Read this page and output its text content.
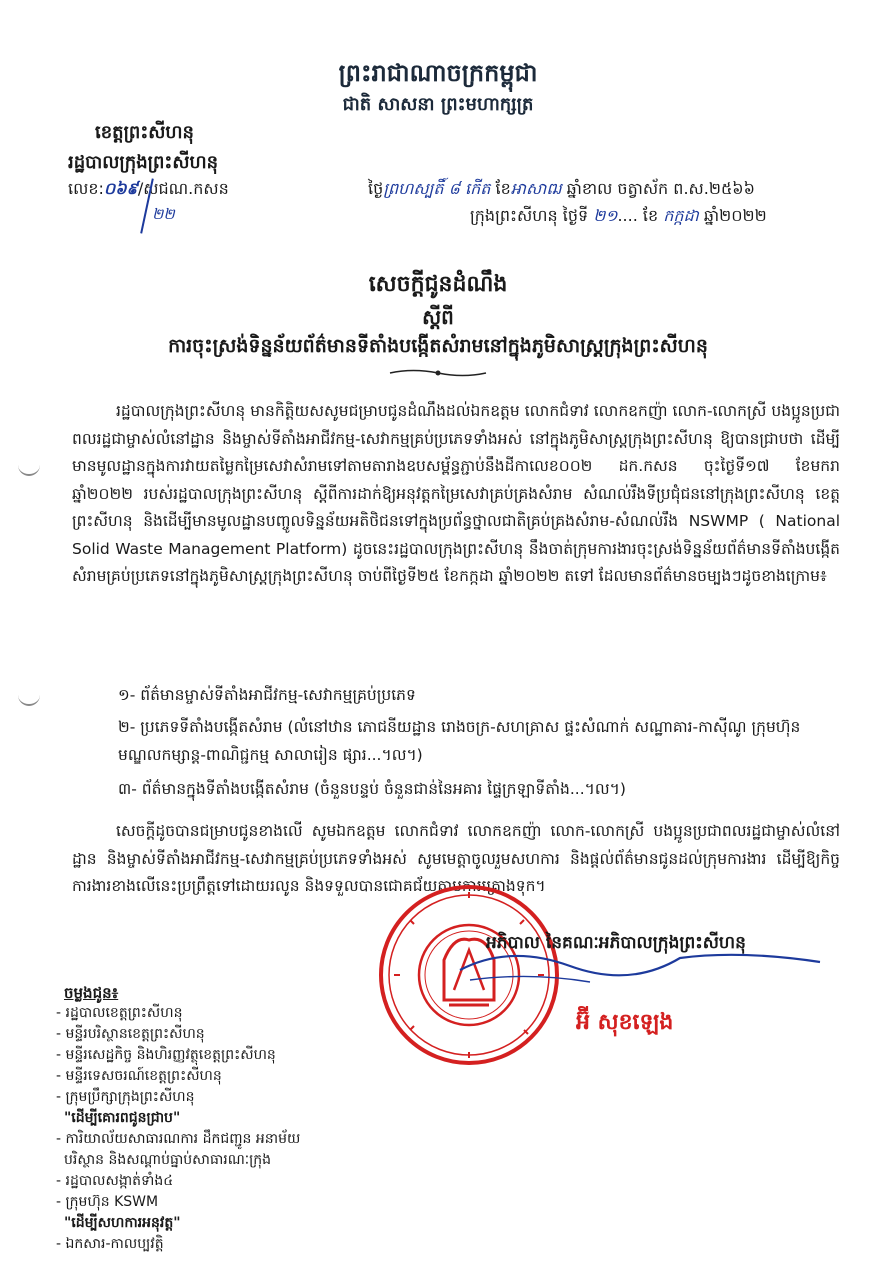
ព្រះរាជាណាចក្រកម្ពុជា
ជាតិ សាសនា ព្រះមហាក្សត្រ
ខេត្តព្រះសីហនុ
រដ្ឋបាលក្រុងព្រះសីហនុ
លេខ:០៦៩/សជណ.កសន
២២
ថ្ងៃព្រហស្បតិ៍ ៨ កើត ខែអាសាឍ ឆ្នាំខាល ចត្វាស័ក ព.ស.២៥៦៦
ក្រុងព្រះសីហនុ ថ្ងៃទី ២១.... ខែ កក្កដា ឆ្នាំ២០២២
សេចក្តីជូនដំណឹង
ស្តីពី
ការចុះស្រង់ទិន្នន័យព័ត៌មានទីតាំងបង្កើតសំរាមនៅក្នុងភូមិសាស្ត្រក្រុងព្រះសីហនុ

រដ្ឋបាលក្រុងព្រះសីហនុ មានកិត្តិយសសូមជម្រាបជូនដំណឹងដល់ឯកឧត្តម លោកជំទាវ លោកឧកញ៉ា លោក-លោកស្រី បងប្អូនប្រជាពលរដ្ឋជាម្ចាស់លំនៅដ្ឋាន និងម្ចាស់ទីតាំងអាជីវកម្ម-សេវាកម្មគ្រប់ប្រភេទទាំងអស់ នៅក្នុងភូមិសាស្ត្រក្រុងព្រះសីហនុ ឱ្យបានជ្រាបថា ដើម្បីមានមូលដ្ឋានក្នុងការវាយតម្លៃកម្រៃសេវាសំរាមទៅតាមតារាងឧបសម្ព័ន្ធភ្ជាប់នឹងដីកាលេខ០០២ ដក.កសន ចុះថ្ងៃទី១៧ ខែមករា ឆ្នាំ២០២២ របស់រដ្ឋបាលក្រុងព្រះសីហនុ ស្តីពីការដាក់ឱ្យអនុវត្តកម្រៃសេវាគ្រប់គ្រងសំរាម សំណល់រឹងទីប្រជុំជននៅក្រុងព្រះសីហនុ ខេត្តព្រះសីហនុ និងដើម្បីមានមូលដ្ឋានបញ្ចូលទិន្នន័យអតិថិជនទៅក្នុងប្រព័ន្ធថ្នាលជាតិគ្រប់គ្រងសំរាម-សំណល់រឹង NSWMP ( National Solid Waste Management Platform) ដូចនេះរដ្ឋបាលក្រុងព្រះសីហនុ នឹងចាត់ក្រុមការងារចុះស្រង់ទិន្នន័យព័ត៌មានទីតាំងបង្កើតសំរាមគ្រប់ប្រភេទនៅក្នុងភូមិសាស្ត្រក្រុងព្រះសីហនុ ចាប់ពីថ្ងៃទី២៥ ខែកក្កដា ឆ្នាំ២០២២ តទៅ ដែលមានព័ត៌មានចម្បងៗដូចខាងក្រោម៖

១- ព័ត៌មានម្ចាស់ទីតាំងអាជីវកម្ម-សេវាកម្មគ្រប់ប្រភេទ

២- ប្រភេទទីតាំងបង្កើតសំរាម (លំនៅឋាន ភោជនីយដ្ឋាន រោងចក្រ-សហគ្រាស ផ្ទះសំណាក់ សណ្ឋាគារ-កាស៊ីណូ ក្រុមហ៊ុន មណ្ឌលកម្សាន្ត-ពាណិជ្ជកម្ម សាលារៀន ផ្សារ...។ល។)

៣- ព័ត៌មានក្នុងទីតាំងបង្កើតសំរាម (ចំនួនបន្ទប់ ចំនួនជាន់នៃអគារ ផ្ទៃក្រឡាទីតាំង...។ល។)

សេចក្តីដូចបានជម្រាបជូនខាងលើ សូមឯកឧត្តម លោកជំទាវ លោកឧកញ៉ា លោក-លោកស្រី បងប្អូនប្រជាពលរដ្ឋជាម្ចាស់លំនៅដ្ឋាន និងម្ចាស់ទីតាំងអាជីវកម្ម-សេវាកម្មគ្រប់ប្រភេទទាំងអស់ សូមមេត្តាចូលរួមសហការ និងផ្តល់ព័ត៌មានជូនដល់ក្រុមការងារ ដើម្បីឱ្យកិច្ចការងារខាងលើនេះប្រព្រឹត្តទៅដោយរលូន និងទទួលបានជោគជ័យតាមការគ្រោងទុក។

អភិបាល នៃគណៈអភិបាលក្រុងព្រះសីហនុ
អ៊ី សុខឡេង
ចម្លងជូន៖
- រដ្ឋបាលខេត្តព្រះសីហនុ
- មន្ទីរបរិស្ថានខេត្តព្រះសីហនុ
- មន្ទីរសេដ្ឋកិច្ច និងហិរញ្ញវត្ថុខេត្តព្រះសីហនុ
- មន្ទីរទេសចរណ៍ខេត្តព្រះសីហនុ
- ក្រុមប្រឹក្សាក្រុងព្រះសីហនុ
"ដើម្បីគោរពជូនជ្រាប"
- ការិយាល័យសាធារណការ ដឹកជញ្ជូន អនាម័យ
បរិស្ថាន និងសណ្តាប់ធ្នាប់សាធារណៈក្រុង
- រដ្ឋបាលសង្កាត់ទាំង៤
- ក្រុមហ៊ុន KSWM
"ដើម្បីសហការអនុវត្ត"
- ឯកសារ-កាលប្បវត្តិ
